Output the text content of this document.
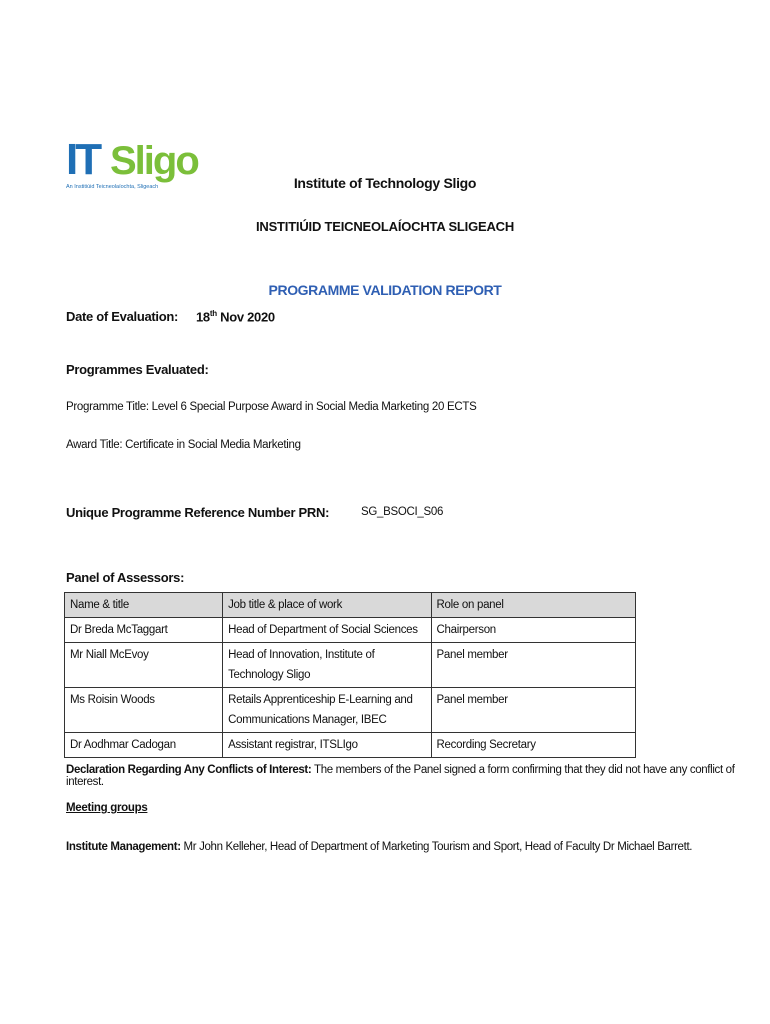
IT Sligo
An Institiúid Teicneolaíochta, Sligeach	Institute of Technology Sligo
INSTITIÚID TEICNEOLAÍOCHTA SLIGEACH
PROGRAMME VALIDATION REPORT
Date of Evaluation: 18th Nov 2020
Programmes Evaluated:
Programme Title: Level 6 Special Purpose Award in Social Media Marketing 20 ECTS
Award Title: Certificate in Social Media Marketing
Unique Programme Reference Number PRN:	SG_BSOCI_S06
Panel of Assessors:
Name & title	Job title & place of work	Role on panel
Dr Breda McTaggart	Head of Department of Social Sciences	Chairperson
Mr Niall McEvoy	Head of Innovation, Institute of Technology Sligo	Panel member
Ms Roisin Woods	Retails Apprenticeship E-Learning and Communications Manager, IBEC	Panel member
Dr Aodhmar Cadogan	Assistant registrar, ITSLIgo	Recording Secretary
Declaration Regarding Any Conflicts of Interest: The members of the Panel signed a form confirming that they did not have any conflict of interest.
Meeting groups
Institute Management: Mr John Kelleher, Head of Department of Marketing Tourism and Sport, Head of Faculty Dr Michael Barrett.
